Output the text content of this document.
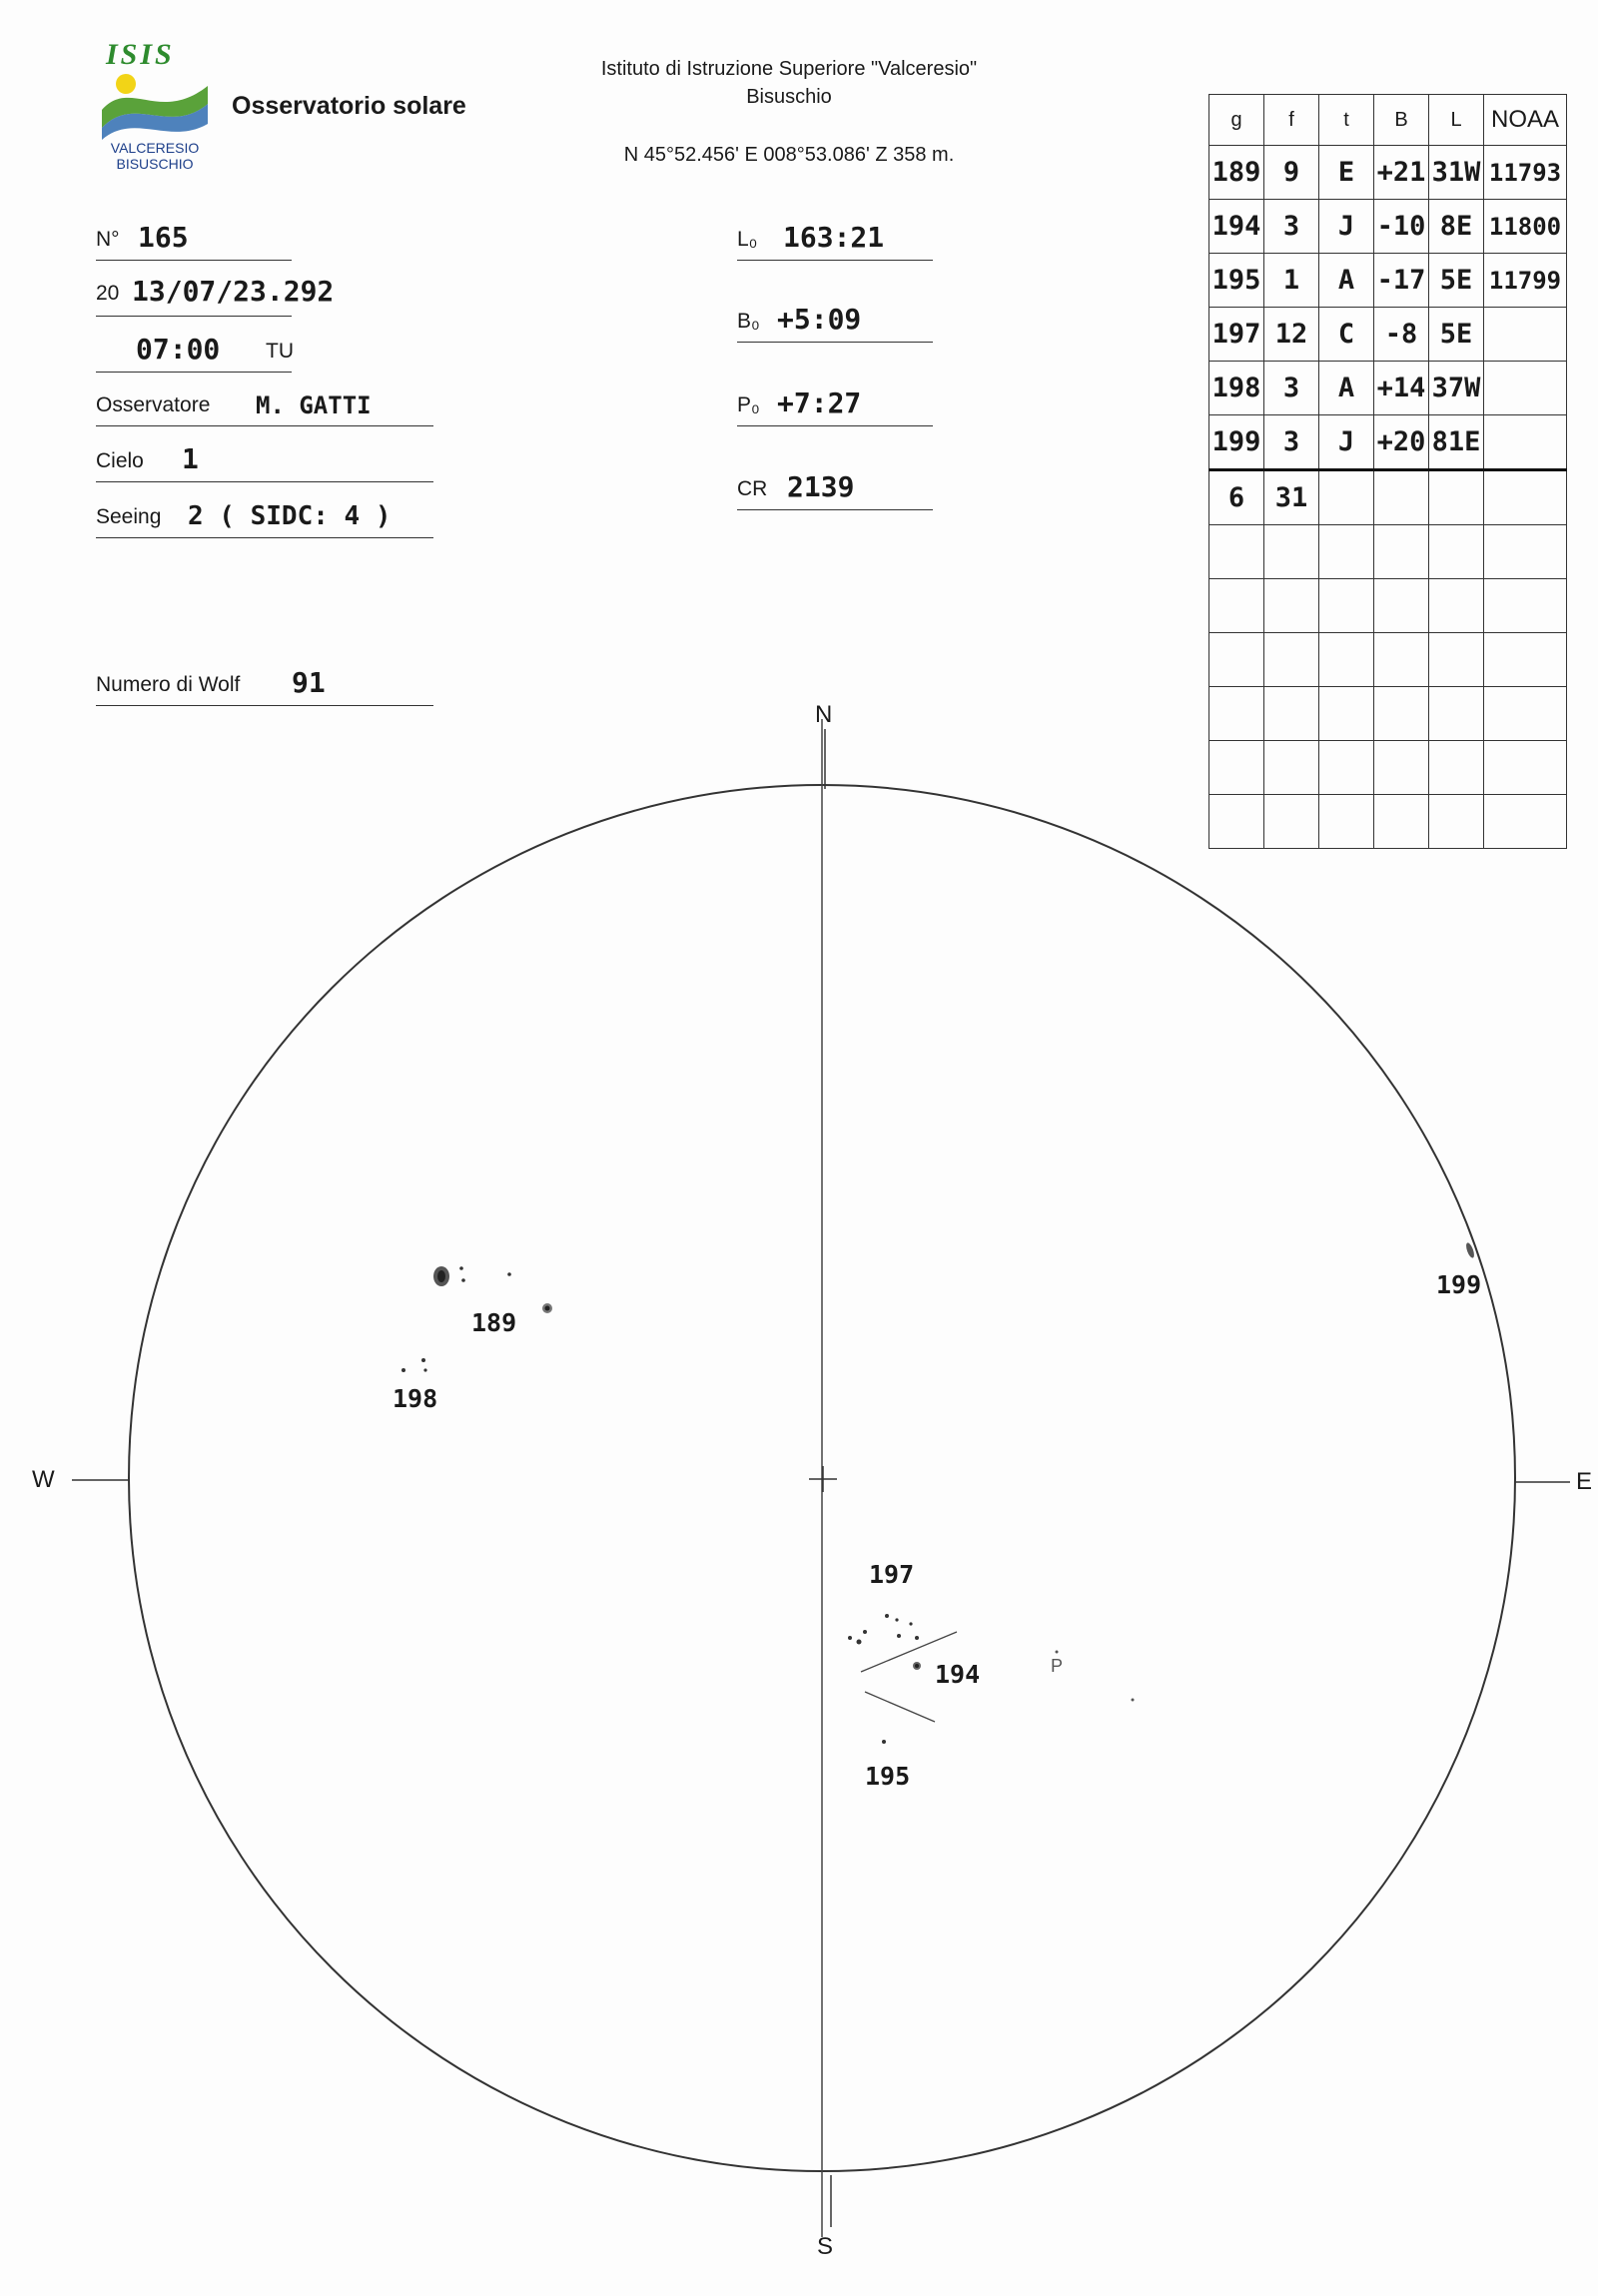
ISIS
VALCERESIO
BISUSCHIO
Osservatorio solare
Istituto di Istruzione Superiore "Valceresio"
Bisuschio
N 45°52.456' E 008°53.086' Z 358 m.
N° 165
20 13/07/23.292
07:00 TU
Osservatore M. GATTI
Cielo 1
Seeing 2 ( SIDC: 4 )
Numero di Wolf 91
L₀ 163:21
B₀ +5:09
P₀ +7:27
CR 2139
g	f	t	B	L	NOAA
189	9	E	+21	31W	11793
194	3	J	-10	8E	11800
195	1	A	-17	5E	11799
197	12	C	-8	5E	
198	3	A	+14	37W	
199	3	J	+20	81E	
6	31				

N
S
W	E
189
198
199
197
194
195
P
